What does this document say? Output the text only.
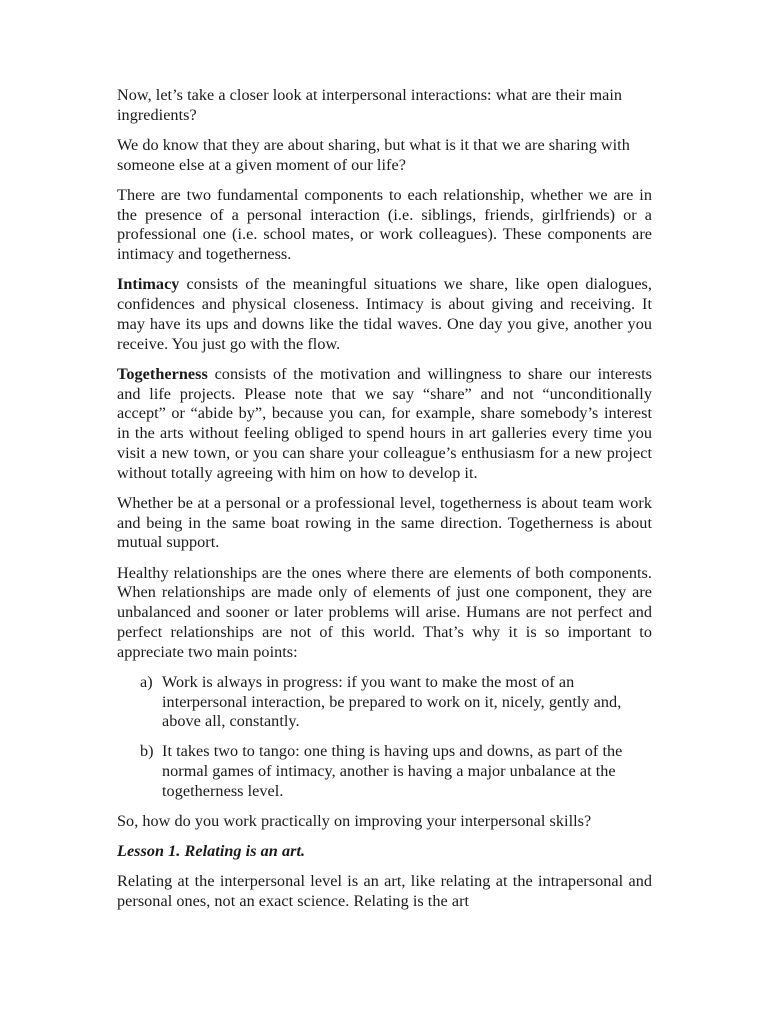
Now, let’s take a closer look at interpersonal interactions: what are their main ingredients?

We do know that they are about sharing, but what is it that we are sharing with someone else at a given moment of our life?

There are two fundamental components to each relationship, whether we are in the presence of a personal interaction (i.e. siblings, friends, girlfriends) or a professional one (i.e. school mates, or work colleagues). These components are intimacy and togetherness.

Intimacy consists of the meaningful situations we share, like open dialogues, confidences and physical closeness. Intimacy is about giving and receiving. It may have its ups and downs like the tidal waves. One day you give, another you receive. You just go with the flow.

Togetherness consists of the motivation and willingness to share our interests and life projects. Please note that we say “share” and not “unconditionally accept” or “abide by”, because you can, for example, share somebody’s interest in the arts without feeling obliged to spend hours in art galleries every time you visit a new town, or you can share your colleague’s enthusiasm for a new project without totally agreeing with him on how to develop it.

Whether be at a personal or a professional level, togetherness is about team work and being in the same boat rowing in the same direction. Togetherness is about mutual support.

Healthy relationships are the ones where there are elements of both components. When relationships are made only of elements of just one component, they are unbalanced and sooner or later problems will arise. Humans are not perfect and perfect relationships are not of this world. That’s why it is so important to appreciate two main points:

a) Work is always in progress: if you want to make the most of an interpersonal interaction, be prepared to work on it, nicely, gently and, above all, constantly.
b) It takes two to tango: one thing is having ups and downs, as part of the normal games of intimacy, another is having a major unbalance at the togetherness level.

So, how do you work practically on improving your interpersonal skills?

Lesson 1. Relating is an art.

Relating at the interpersonal level is an art, like relating at the intrapersonal and personal ones, not an exact science. Relating is the art
